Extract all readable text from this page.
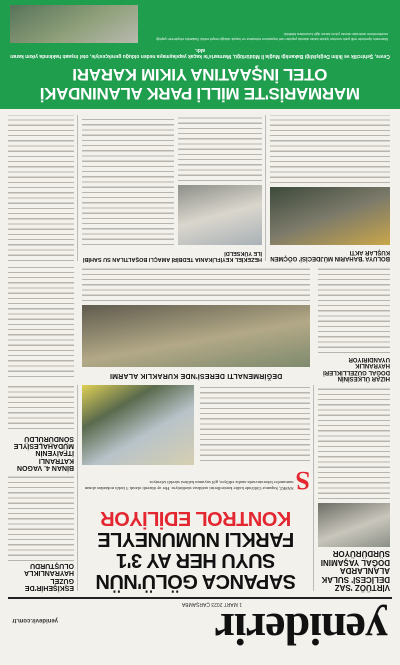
yeniderir
1 MART 2023 ÇARŞAMBA
yenidevir.com.tr
VİRTÜÖZ 'SAZ DELİCESİ' SULAK ALANLARDA DOĞAL YAŞAMINI SÜRDÜRÜYOR
SAPANCA GÖLÜ'NÜN
SUYU HER AY 3'1
FARKLI NUMUNEYLE
KONTROL EDİLİYOR
S
SASKİ, Sapanca Gölü'nde kalite kontrollerini aralıksız sürdürüyor. Her ay düzenli olarak 3 farklı noktadan alınan numuneler laboratuvarda analiz ediliyor, göl suyunun kalitesi sürekli izleniyor.
ESKİŞEHİR'DE GÜZEL HAYRANLIKLA OLUŞTURDU
BİNAN 4. VAGON KATRANLI İTFAİYENİN MÜDAHALESİYLE SÖNDÜRÜLDÜ
DEĞİRMENALTI DERESİ'NDE KURAKLIK ALARMI	HIZAR ÜLKESİNİN DOĞAL GÜZELLİKLERİ HAYRANLIK UYANDIRIYOR
BOLUYA 'BAHARIN MÜJDECİSİ' GÖÇMEN KUŞLAR AKTI
HEZEKİEL KEYİFLİKANIA TEDBİRİ AMAÇLI BOŞALTILAN SU SAHİBİ İLE YÜKSELDİ
MARMARİS'TE MİLLİ PARK ALANINDAKİ
OTEL İNŞAATINA YIKIM KARARI
Cevre, Şehircilik ve İklim Değişikliği Bakanlığı Muğla İl Müdürlüğü, Marmaris'te kaçak yapılaşmaya neden olduğu gerekçesiyle, otel inşaatı hakkında yıkım kararı aldı.
Marmaris ilçesinde milli park sınırları içinde kalan alanda yapılan otel inşaatının ruhsatsız ve kaçak olduğu tespit edildi. Bakanlık ekiplerinin yaptığı incelemelerin ardından alınan yıkım kararı ilgili kurumlara bildirildi.
